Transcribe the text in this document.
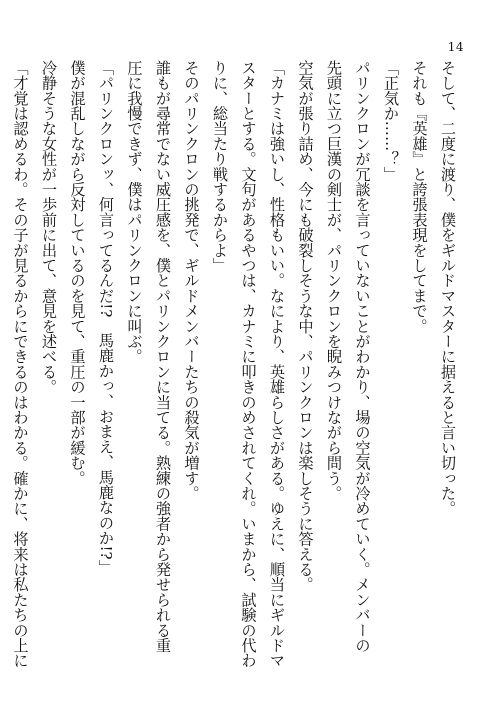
14

そして、二度に渡り、僕をギルドマスターに据えると言い切った。

それも『英雄』と誇張表現をしてまで。

「正気か……？」

パリンクロンが冗談を言っていないことがわかり、場の空気が冷めていく。メンバーの

先頭に立つ巨漢の剣士が、パリンクロンを睨みつけながら問う。

空気が張り詰め、今にも破裂しそうな中、パリンクロンは楽しそうに答える。

「カナミは強いし、性格もいい。なにより、英雄らしさがある。ゆえに、順当にギルドマ

スターとする。文句があるやつは、カナミに叩きのめされてくれ。いまから、試験の代わ

りに、総当たり戦するからよ」

そのパリンクロンの挑発で、ギルドメンバーたちの殺気が増す。

誰もが尋常でない威圧感を、僕とパリンクロンに当てる。熟練の強者から発せられる重

圧に我慢できず、僕はパリンクロンに叫ぶ。

「パリンクロンッ、何言ってるんだ!?　馬鹿かっ、おまえ、馬鹿なのか!?」

僕が混乱しながら反対しているのを見て、重圧の一部が緩む。

冷静そうな女性が一歩前に出て、意見を述べる。

「才覚は認めるわ。その子が見るからにできるのはわかる。確かに、将来は私たちの上に
